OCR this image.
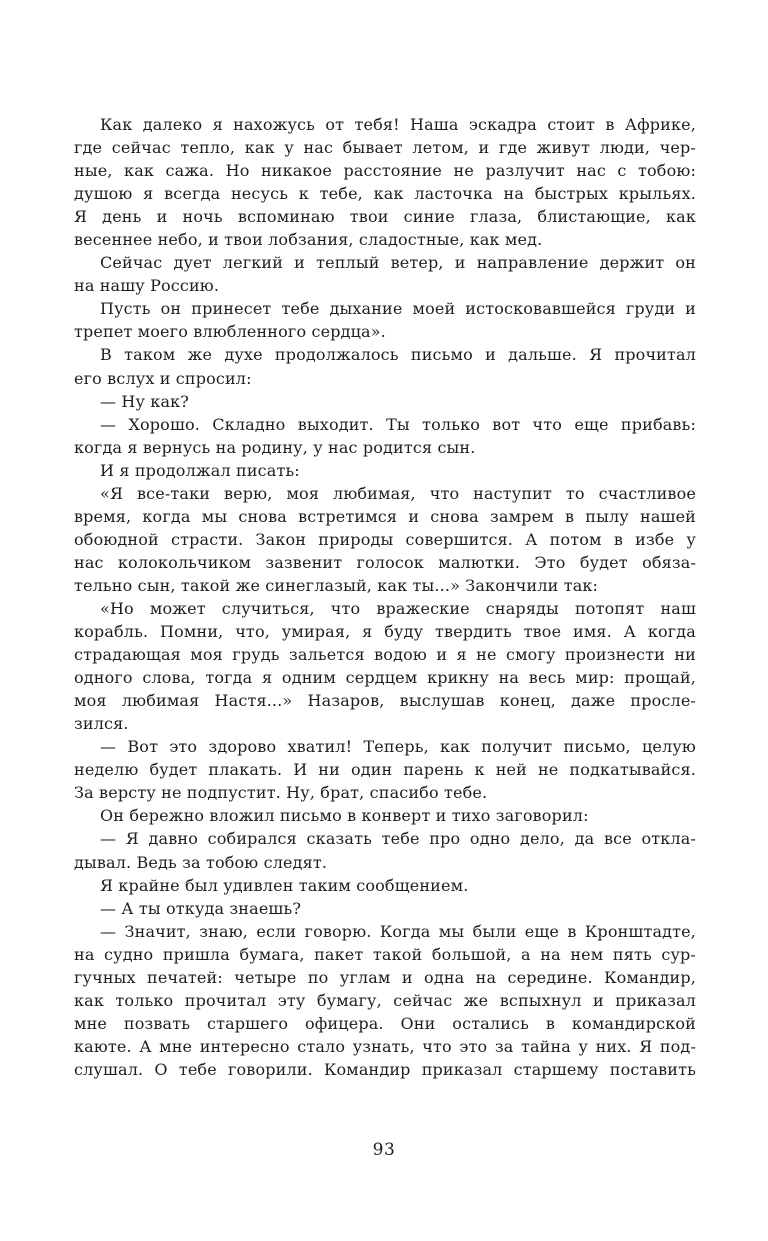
Как далеко я нахожусь от тебя! Наша эскадра стоит в Африке,
где сейчас тепло, как у нас бывает летом, и где живут люди, чер-
ные, как сажа. Но никакое расстояние не разлучит нас с тобою:
душою я всегда несусь к тебе, как ласточка на быстрых крыльях.
Я день и ночь вспоминаю твои синие глаза, блистающие, как
весеннее небо, и твои лобзания, сладостные, как мед.
Сейчас дует легкий и теплый ветер, и направление держит он
на нашу Россию.
Пусть он принесет тебе дыхание моей истосковавшейся груди и
трепет моего влюбленного сердца».
В таком же духе продолжалось письмо и дальше. Я прочитал
его вслух и спросил:
— Ну как?
— Хорошо. Складно выходит. Ты только вот что еще прибавь:
когда я вернусь на родину, у нас родится сын.
И я продолжал писать:
«Я все-таки верю, моя любимая, что наступит то счастливое
время, когда мы снова встретимся и снова замрем в пылу нашей
обоюдной страсти. Закон природы совершится. А потом в избе у
нас колокольчиком зазвенит голосок малютки. Это будет обяза-
тельно сын, такой же синеглазый, как ты...» Закончили так:
«Но может случиться, что вражеские снаряды потопят наш
корабль. Помни, что, умирая, я буду твердить твое имя. А когда
страдающая моя грудь зальется водою и я не смогу произнести ни
одного слова, тогда я одним сердцем крикну на весь мир: прощай,
моя любимая Настя...» Назаров, выслушав конец, даже просле-
зился.
— Вот это здорово хватил! Теперь, как получит письмо, целую
неделю будет плакать. И ни один парень к ней не подкатывайся.
За версту не подпустит. Ну, брат, спасибо тебе.
Он бережно вложил письмо в конверт и тихо заговорил:
— Я давно собирался сказать тебе про одно дело, да все откла-
дывал. Ведь за тобою следят.
Я крайне был удивлен таким сообщением.
— А ты откуда знаешь?
— Значит, знаю, если говорю. Когда мы были еще в Кронштадте,
на судно пришла бумага, пакет такой большой, а на нем пять сур-
гучных печатей: четыре по углам и одна на середине. Командир,
как только прочитал эту бумагу, сейчас же вспыхнул и приказал
мне позвать старшего офицера. Они остались в командирской
каюте. А мне интересно стало узнать, что это за тайна у них. Я под-
слушал. О тебе говорили. Командир приказал старшему поставить
93
